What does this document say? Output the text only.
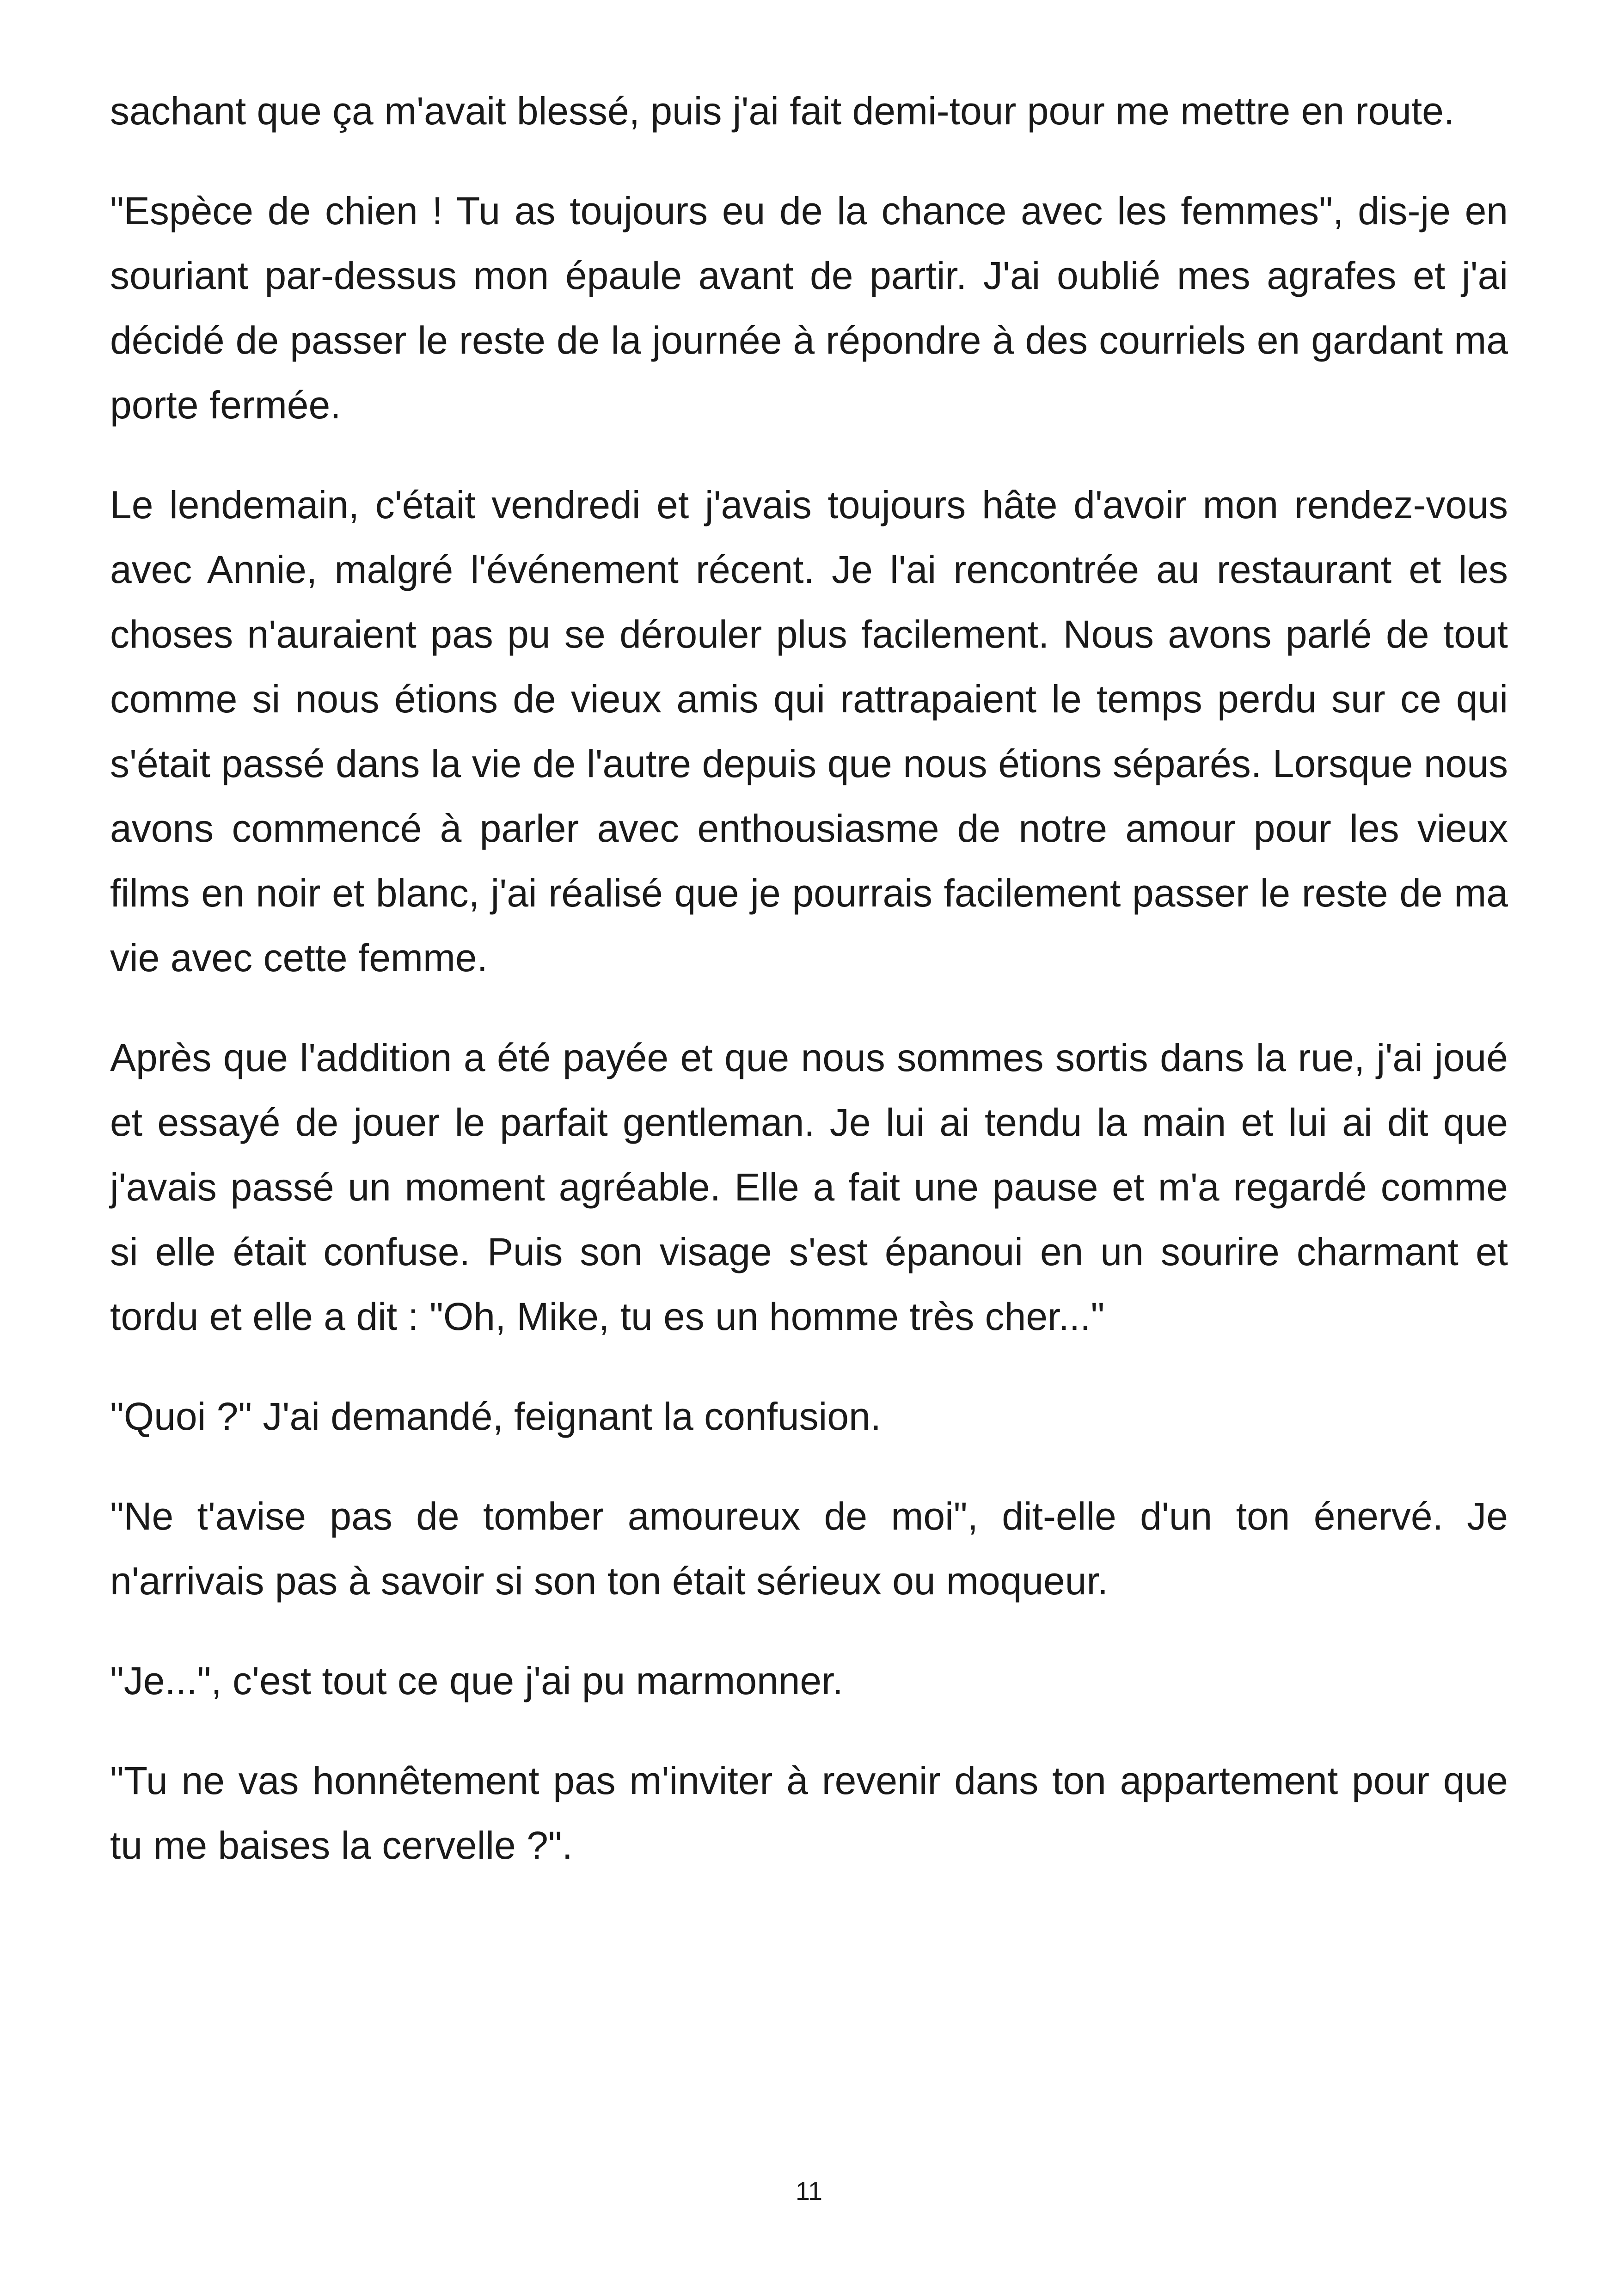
sachant que ça m'avait blessé, puis j'ai fait demi-tour pour me mettre en route.

"Espèce de chien ! Tu as toujours eu de la chance avec les femmes", dis-je en souriant par-dessus mon épaule avant de partir. J'ai oublié mes agrafes et j'ai décidé de passer le reste de la journée à répondre à des courriels en gardant ma porte fermée.

Le lendemain, c'était vendredi et j'avais toujours hâte d'avoir mon rendez-vous avec Annie, malgré l'événement récent. Je l'ai rencontrée au restaurant et les choses n'auraient pas pu se dérouler plus facilement. Nous avons parlé de tout comme si nous étions de vieux amis qui rattrapaient le temps perdu sur ce qui s'était passé dans la vie de l'autre depuis que nous étions séparés. Lorsque nous avons commencé à parler avec enthousiasme de notre amour pour les vieux films en noir et blanc, j'ai réalisé que je pourrais facilement passer le reste de ma vie avec cette femme.

Après que l'addition a été payée et que nous sommes sortis dans la rue, j'ai joué et essayé de jouer le parfait gentleman. Je lui ai tendu la main et lui ai dit que j'avais passé un moment agréable. Elle a fait une pause et m'a regardé comme si elle était confuse. Puis son visage s'est épanoui en un sourire charmant et tordu et elle a dit : "Oh, Mike, tu es un homme très cher..."

"Quoi ?" J'ai demandé, feignant la confusion.

"Ne t'avise pas de tomber amoureux de moi", dit-elle d'un ton énervé. Je n'arrivais pas à savoir si son ton était sérieux ou moqueur.

"Je...", c'est tout ce que j'ai pu marmonner.

"Tu ne vas honnêtement pas m'inviter à revenir dans ton appartement pour que tu me baises la cervelle ?".

11
